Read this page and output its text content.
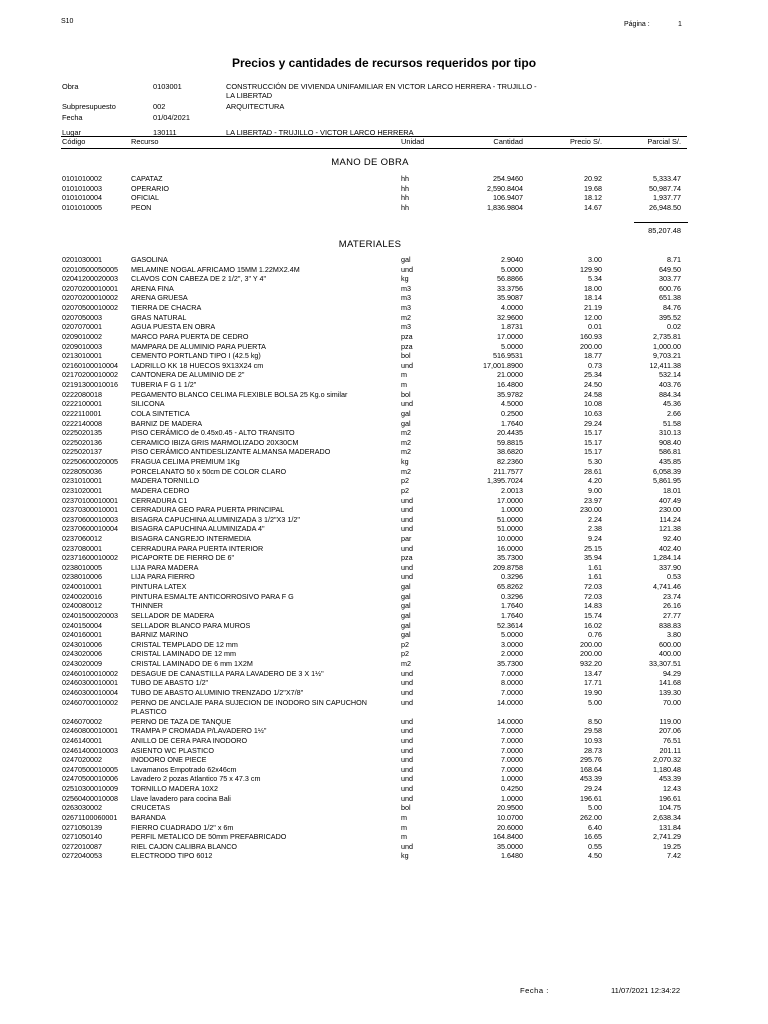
S10	Página :	1
Precios y cantidades de recursos requeridos por tipo
Obra	0103001	CONSTRUCCIÓN DE VIVIENDA UNIFAMILIAR EN VICTOR LARCO HERRERA - TRUJILLO -
LA LIBERTAD
Subpresupuesto	002	ARQUITECTURA
Fecha	01/04/2021
Lugar	130111	LA LIBERTAD - TRUJILLO - VICTOR LARCO HERRERA
Código	Recurso	Unidad	Cantidad	Precio S/.	Parcial S/.
MANO DE OBRA
0101010002	CAPATAZ	hh	254.9460	20.92	5,333.47
0101010003	OPERARIO	hh	2,590.8404	19.68	50,987.74
0101010004	OFICIAL	hh	106.9407	18.12	1,937.77
0101010005	PEON	hh	1,836.9804	14.67	26,948.50
85,207.48
MATERIALES
0201030001	GASOLINA	gal	2.9040	3.00	8.71
02010500050005 MELAMINE NOGAL AFRICAMO 15MM 1.22MX2.4M	und	5.0000	129.90	649.50
02041200020003 CLAVOS CON CABEZA DE 2 1/2", 3" Y 4"	kg	56.8866	5.34	303.77
02070200010001 ARENA FINA	m3	33.3756	18.00	600.76
02070200010002 ARENA GRUESA	m3	35.9087	18.14	651.38
02070500010002 TIERRA DE CHACRA	m3	4.0000	21.19	84.76
0207050003	GRAS NATURAL	m2	32.9600	12.00	395.52
0207070001	AGUA PUESTA EN OBRA	m3	1.8731	0.01	0.02
0209010002	MARCO PARA PUERTA DE CEDRO	pza	17.0000	160.93	2,735.81
0209010003	MAMPARA DE ALUMINIO PARA PUERTA	pza	5.0000	200.00	1,000.00
0213010001	CEMENTO PORTLAND TIPO I (42.5 kg)	bol	516.9531	18.77	9,703.21
02160100010004 LADRILLO KK 18 HUECOS 9X13X24 cm	und	17,001.8900	0.73	12,411.38
02170200010002 CANTONERA DE ALUMINIO DE 2"	m	21.0000	25.34	532.14
02191300010016 TUBERIA F G 1 1/2"	m	16.4800	24.50	403.76
0222080018	PEGAMENTO BLANCO CELIMA FLEXIBLE BOLSA 25 Kg.o similar	bol	35.9782	24.58	884.34
0222100001	SILICONA	und	4.5000	10.08	45.36
0222110001	COLA SINTETICA	gal	0.2500	10.63	2.66
0222140008	BARNIZ DE MADERA	gal	1.7640	29.24	51.58
0225020135	PISO CERÁMICO de 0.45x0.45 - ALTO TRANSITO	m2	20.4435	15.17	310.13
0225020136	CERAMICO IBIZA GRIS MARMOLIZADO 20X30CM	m2	59.8815	15.17	908.40
0225020137	PISO CERÁMICO ANTIDESLIZANTE ALMANSA MADERADO	m2	38.6820	15.17	586.81
02250600020005 FRAGUA CELIMA PREMIUM 1Kg	kg	82.2360	5.30	435.85
0228050036	PORCELANATO 50 x 50cm DE COLOR CLARO	m2	211.7577	28.61	6,058.39
0231010001	MADERA TORNILLO	p2	1,395.7024	4.20	5,861.95
0231020001	MADERA CEDRO	p2	2.0013	9.00	18.01
02370100010001 CERRADURA C1	und	17.0000	23.97	407.49
02370300010001 CERRADURA GEO PARA PUERTA PRINCIPAL	und	1.0000	230.00	230.00
02370600010003 BISAGRA CAPUCHINA ALUMINIZADA 3 1/2"X3 1/2"	und	51.0000	2.24	114.24
02370600010004 BISAGRA CAPUCHINA ALUMINIZADA 4"	und	51.0000	2.38	121.38
0237060012	BISAGRA CANGREJO INTERMEDIA	par	10.0000	9.24	92.40
0237080001	CERRADURA PARA PUERTA INTERIOR	und	16.0000	25.15	402.40
02371600010002 PICAPORTE DE FIERRO DE 6"	pza	35.7300	35.94	1,284.14
0238010005	LIJA PARA MADERA	und	209.8758	1.61	337.90
0238010006	LIJA PARA FIERRO	und	0.3296	1.61	0.53
0240010001	PINTURA LATEX	gal	65.8262	72.03	4,741.46
0240020016	PINTURA ESMALTE ANTICORROSIVO PARA F G	gal	0.3296	72.03	23.74
0240080012	THINNER	gal	1.7640	14.83	26.16
02401500020003 SELLADOR DE MADERA	gal	1.7640	15.74	27.77
0240150004	SELLADOR BLANCO PARA MUROS	gal	52.3614	16.02	838.83
0240160001	BARNIZ MARINO	gal	5.0000	0.76	3.80
0243010006	CRISTAL TEMPLADO DE 12 mm	p2	3.0000	200.00	600.00
0243020006	CRISTAL LAMINADO DE 12 mm	p2	2.0000	200.00	400.00
0243020009	CRISTAL LAMINADO DE 6 mm 1X2M	m2	35.7300	932.20	33,307.51
02460100010002 DESAGUE DE CANASTILLA PARA LAVADERO DE 3 X 1½"	und	7.0000	13.47	94.29
02460300010001 TUBO DE ABASTO 1/2"	und	8.0000	17.71	141.68
02460300010004 TUBO DE ABASTO ALUMINIO TRENZADO 1/2"X7/8"	und	7.0000	19.90	139.30
02460700010002 PERNO DE ANCLAJE PARA SUJECION DE INODORO SIN CAPUCHON PLASTICO
und	14.0000	5.00	70.00
0246070002	PERNO DE TAZA DE TANQUE	und	14.0000	8.50	119.00
02460800010001 TRAMPA P CROMADA P/LAVADERO 1½"	und	7.0000	29.58	207.06
0246140001	ANILLO DE CERA PARA INODORO	und	7.0000	10.93	76.51
02461400010003 ASIENTO WC PLASTICO	und	7.0000	28.73	201.11
0247020002	INODORO ONE PIECE	und	7.0000	295.76	2,070.32
02470500010005 Lavamanos Empotrado 62x46cm	und	7.0000	168.64	1,180.48
02470500010006 Lavadero 2 pozas Atlantico 75 x 47.3 cm	und	1.0000	453.39	453.39
02510300010009 TORNILLO MADERA 10X2	und	0.4250	29.24	12.43
02560400010008 Llave lavadero para cocina Bali	und	1.0000	196.61	196.61
0263030002	CRUCETAS	bol	20.9500	5.00	104.75
02671100060001 BARANDA	m	10.0700	262.00	2,638.34
0271050139	FIERRO CUADRADO 1/2" x 6m	m	20.6000	6.40	131.84
0271050140	PERFIL METALICO DE 50mm PREFABRICADO	m	164.8400	16.65	2,741.29
0272010087	RIEL CAJON CALIBRA BLANCO	und	35.0000	0.55	19.25
0272040053	ELECTRODO TIPO 6012	kg	1.6480	4.50	7.42
Fecha :	11/07/2021 12:34:22
